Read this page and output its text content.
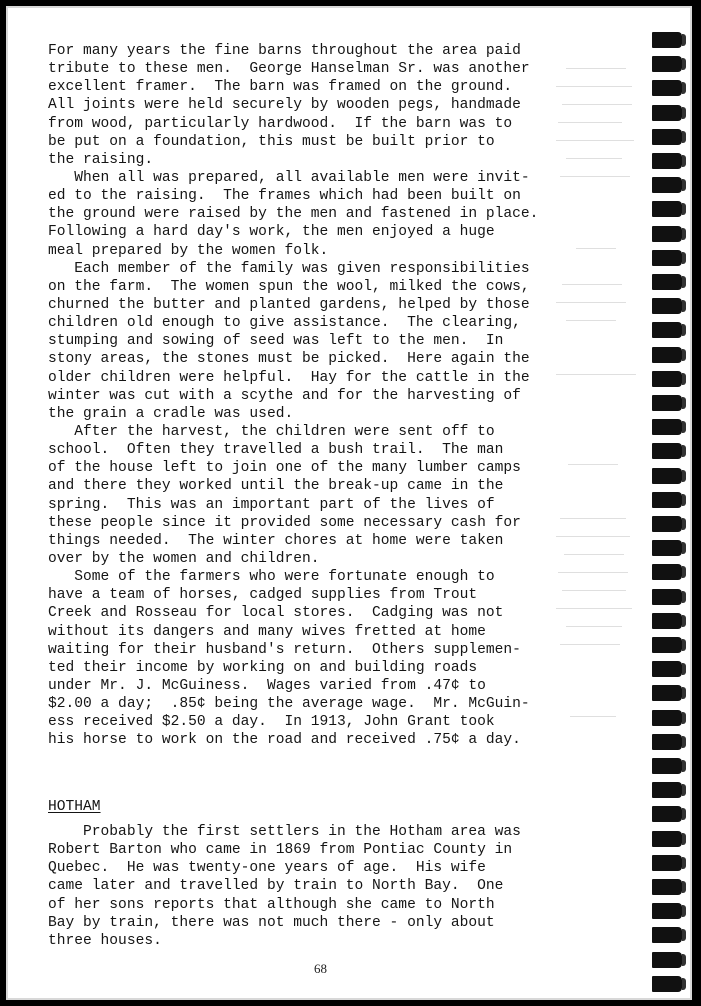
For many years the fine barns throughout the area paid
tribute to these men.  George Hanselman Sr. was another
excellent framer.  The barn was framed on the ground.
All joints were held securely by wooden pegs, handmade
from wood, particularly hardwood.  If the barn was to
be put on a foundation, this must be built prior to
the raising.
When all was prepared, all available men were invit-
ed to the raising.  The frames which had been built on
the ground were raised by the men and fastened in place.
Following a hard day's work, the men enjoyed a huge
meal prepared by the women folk.
Each member of the family was given responsibilities
on the farm.  The women spun the wool, milked the cows,
churned the butter and planted gardens, helped by those
children old enough to give assistance.  The clearing,
stumping and sowing of seed was left to the men.  In
stony areas, the stones must be picked.  Here again the
older children were helpful.  Hay for the cattle in the
winter was cut with a scythe and for the harvesting of
the grain a cradle was used.
After the harvest, the children were sent off to
school.  Often they travelled a bush trail.  The man
of the house left to join one of the many lumber camps
and there they worked until the break-up came in the
spring.  This was an important part of the lives of
these people since it provided some necessary cash for
things needed.  The winter chores at home were taken
over by the women and children.
Some of the farmers who were fortunate enough to
have a team of horses, cadged supplies from Trout
Creek and Rosseau for local stores.  Cadging was not
without its dangers and many wives fretted at home
waiting for their husband's return.  Others supplemen-
ted their income by working on and building roads
under Mr. J. McGuiness.  Wages varied from .47¢ to
$2.00 a day;  .85¢ being the average wage.  Mr. McGuin-
ess received $2.50 a day.  In 1913, John Grant took
his horse to work on the road and received .75¢ a day.
HOTHAM
Probably the first settlers in the Hotham area was
Robert Barton who came in 1869 from Pontiac County in
Quebec.  He was twenty-one years of age.  His wife
came later and travelled by train to North Bay.  One
of her sons reports that although she came to North
Bay by train, there was not much there - only about
three houses.
68
